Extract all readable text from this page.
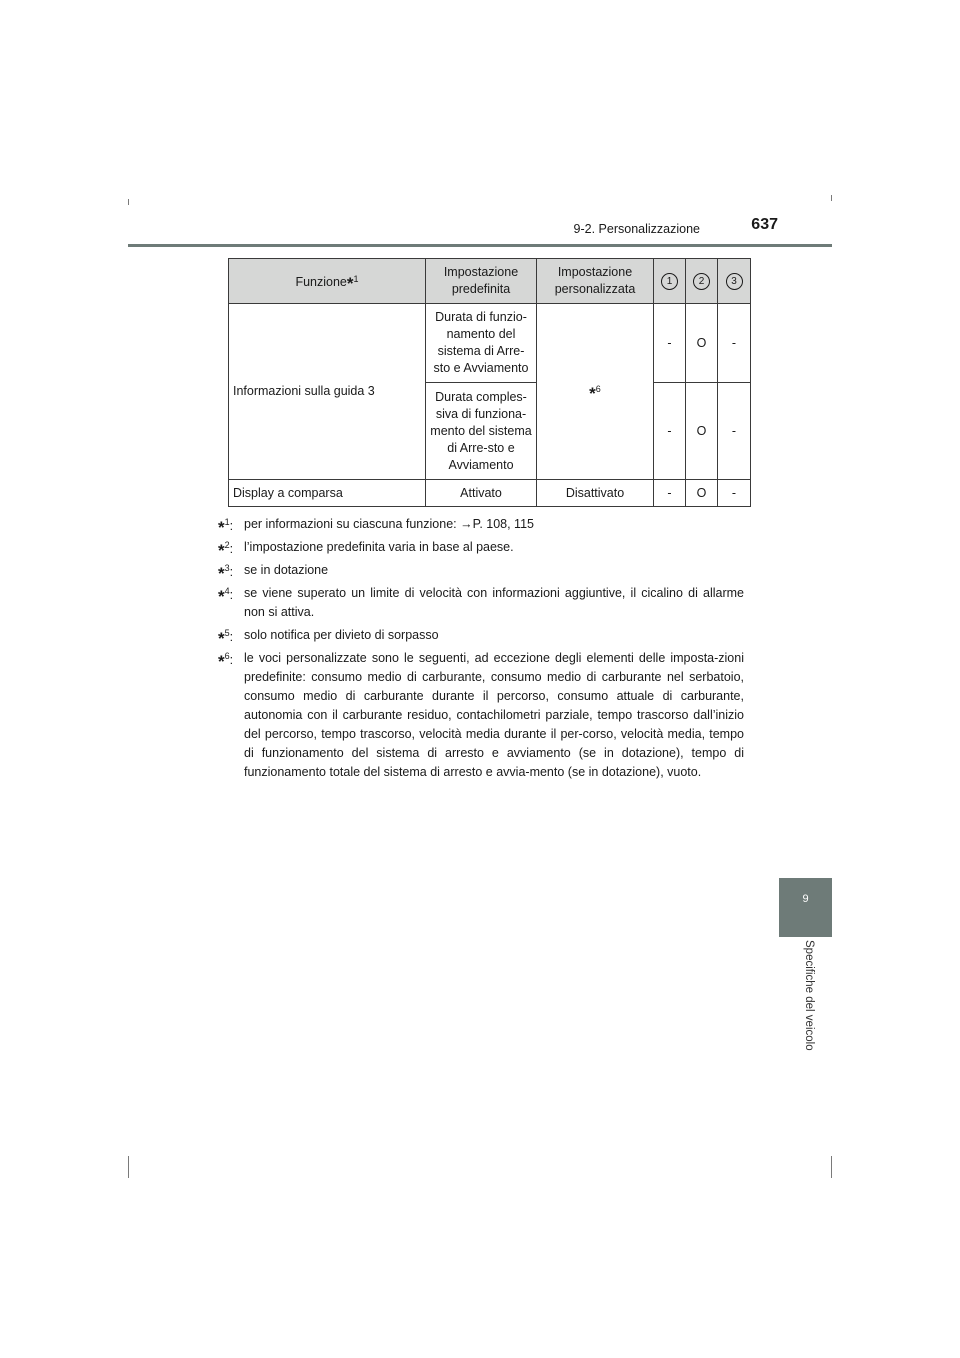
9-2. Personalizzazione	637
Funzione*$^1$	Impostazione predefinita	Impostazione personalizzata	1	2	3
Informazioni sulla guida 3	Durata di funzio-namento del sistema di Arre-sto e Avviamento	*$^6$	-	O	-
	Durata comples-siva di funziona-mento del sistema di Arre-sto e Avviamento		-	O	-
Display a comparsa	Attivato	Disattivato	-	O	-
*$^1$: per informazioni su ciascuna funzione: →P. 108, 115
*$^2$: l’impostazione predefinita varia in base al paese.
*$^3$: se in dotazione
*$^4$: se viene superato un limite di velocità con informazioni aggiuntive, il cicalino di allarme non si attiva.
*$^5$: solo notifica per divieto di sorpasso
*$^6$: le voci personalizzate sono le seguenti, ad eccezione degli elementi delle imposta-zioni predefinite: consumo medio di carburante, consumo medio di carburante nel serbatoio, consumo medio di carburante durante il percorso, consumo attuale di carburante, autonomia con il carburante residuo, contachilometri parziale, tempo trascorso dall’inizio del percorso, tempo trascorso, velocità media durante il per-corso, velocità media, tempo di funzionamento del sistema di arresto e avviamento (se in dotazione), tempo di funzionamento totale del sistema di arresto e avvia-mento (se in dotazione), vuoto.
9
Specifiche del veicolo
